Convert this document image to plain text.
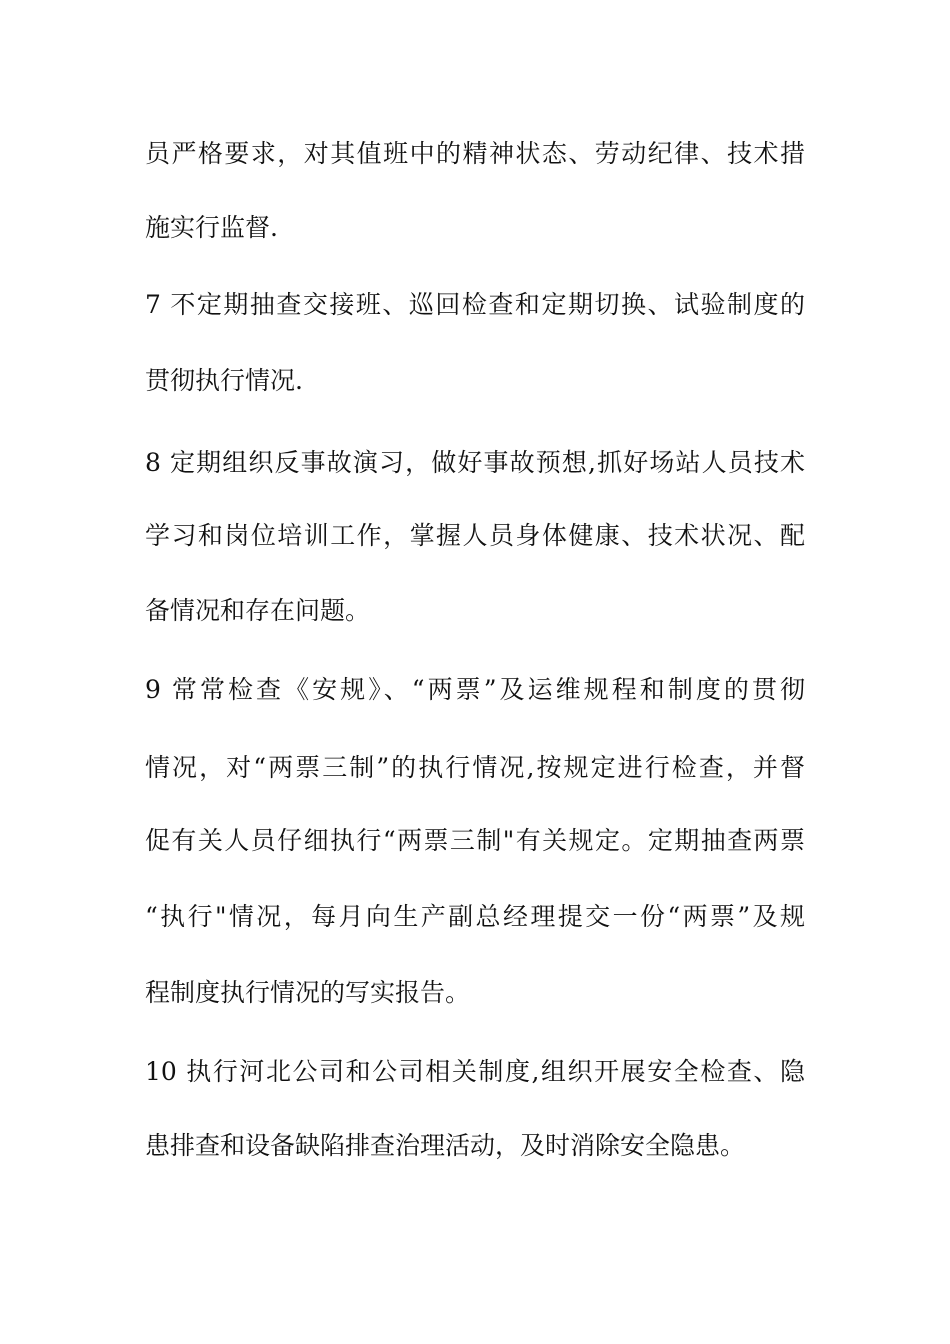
员严格要求，对其值班中的精神状态、劳动纪律、技术措
施实行监督.
7 不定期抽查交接班、巡回检查和定期切换、试验制度的
贯彻执行情况.
8 定期组织反事故演习，做好事故预想,抓好场站人员技术
学习和岗位培训工作，掌握人员身体健康、技术状况、配
备情况和存在问题。
9 常常检查《安规》、“两票”及运维规程和制度的贯彻
情况，对“两票三制”的执行情况,按规定进行检查，并督
促有关人员仔细执行“两票三制"有关规定。定期抽查两票
“执行"情况，每月向生产副总经理提交一份“两票”及规
程制度执行情况的写实报告。
10 执行河北公司和公司相关制度,组织开展安全检查、隐
患排查和设备缺陷排查治理活动，及时消除安全隐患。
